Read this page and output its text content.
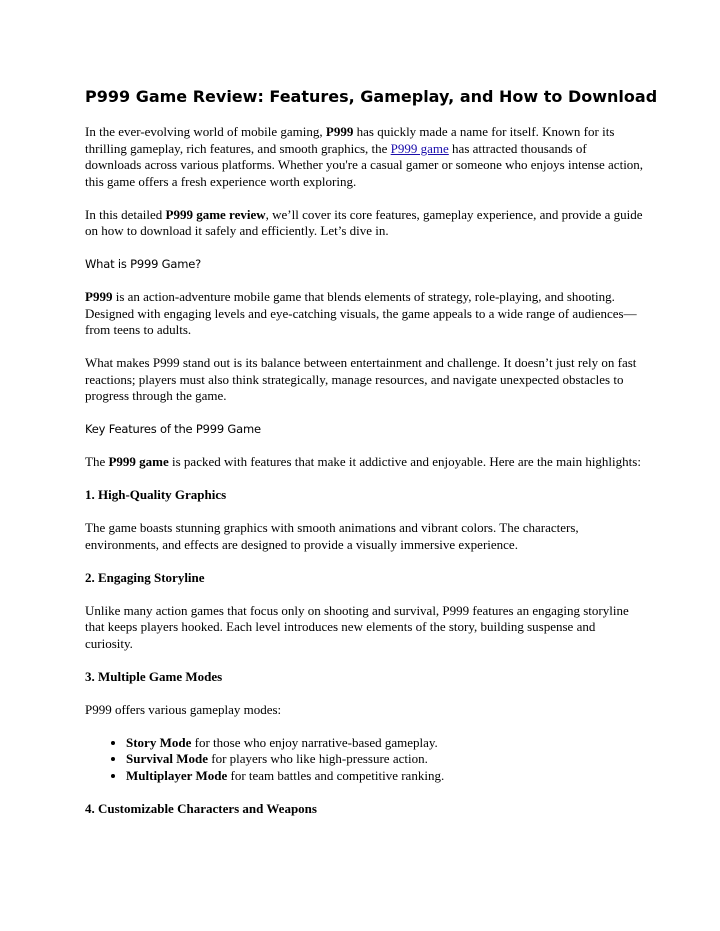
P999 Game Review: Features, Gameplay, and How to Download

In the ever-evolving world of mobile gaming, P999 has quickly made a name for itself. Known for its thrilling gameplay, rich features, and smooth graphics, the P999 game has attracted thousands of downloads across various platforms. Whether you're a casual gamer or someone who enjoys intense action, this game offers a fresh experience worth exploring.

In this detailed P999 game review, we’ll cover its core features, gameplay experience, and provide a guide on how to download it safely and efficiently. Let’s dive in.

What is P999 Game?

P999 is an action-adventure mobile game that blends elements of strategy, role-playing, and shooting. Designed with engaging levels and eye-catching visuals, the game appeals to a wide range of audiences—from teens to adults.

What makes P999 stand out is its balance between entertainment and challenge. It doesn’t just rely on fast reactions; players must also think strategically, manage resources, and navigate unexpected obstacles to progress through the game.

Key Features of the P999 Game

The P999 game is packed with features that make it addictive and enjoyable. Here are the main highlights:

1. High-Quality Graphics

The game boasts stunning graphics with smooth animations and vibrant colors. The characters, environments, and effects are designed to provide a visually immersive experience.

2. Engaging Storyline

Unlike many action games that focus only on shooting and survival, P999 features an engaging storyline that keeps players hooked. Each level introduces new elements of the story, building suspense and curiosity.

3. Multiple Game Modes

P999 offers various gameplay modes:

• Story Mode for those who enjoy narrative-based gameplay.
• Survival Mode for players who like high-pressure action.
• Multiplayer Mode for team battles and competitive ranking.
4. Customizable Characters and Weapons
